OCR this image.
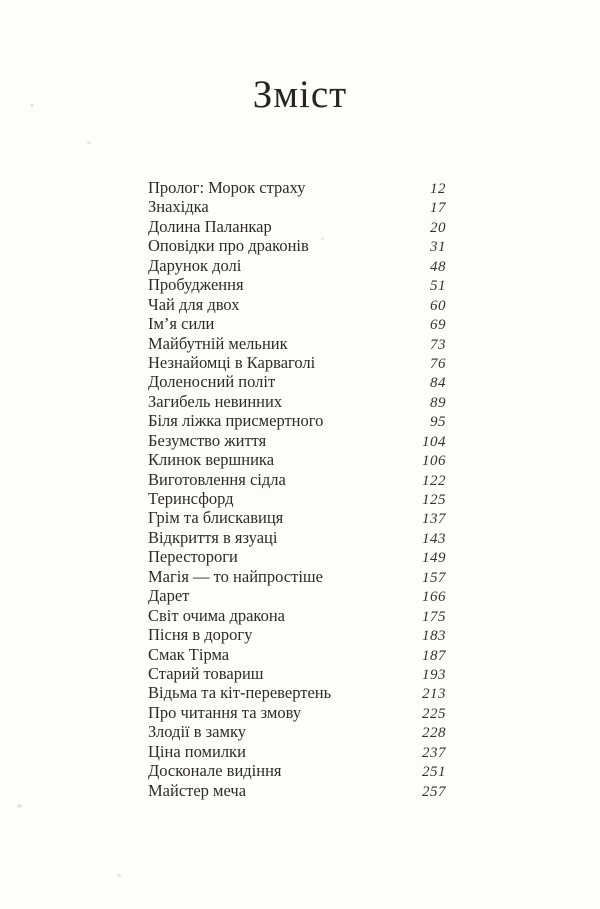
Зміст
Пролог: Морок страху	12
Знахідка	17
Долина Паланкар	20
Оповідки про драконів	31
Дарунок долі	48
Пробудження	51
Чай для двох	60
Ім’я сили	69
Майбутній мельник	73
Незнайомці в Карваголі	76
Доленосний політ	84
Загибель невинних	89
Біля ліжка присмертного	95
Безумство життя	104
Клинок вершника	106
Виготовлення сідла	122
Теринсфорд	125
Грім та блискавиця	137
Відкриття в язуаці	143
Перестороги	149
Магія — то найпростіше	157
Дарет	166
Світ очима дракона	175
Пісня в дорогу	183
Смак Тірма	187
Старий товариш	193
Відьма та кіт-перевертень	213
Про читання та змову	225
Злодії в замку	228
Ціна помилки	237
Досконале видіння	251
Майстер меча	257
